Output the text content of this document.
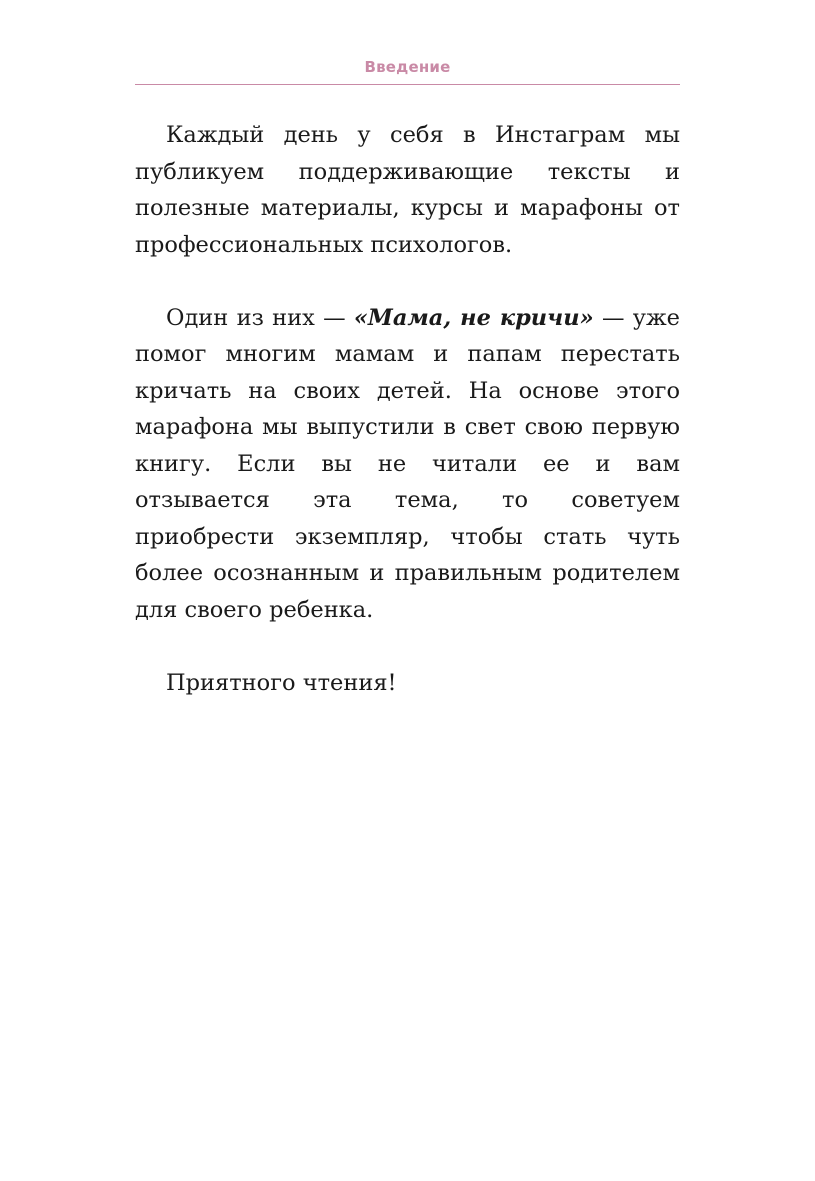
Введение

Каждый день у себя в Инстаграм мы публикуем поддерживающие тексты и полезные материалы, курсы и марафоны от профессиональных психологов.

Один из них — «Мама, не кричи» — уже помог многим мамам и папам перестать кричать на своих детей. На основе этого марафона мы выпустили в свет свою первую книгу. Если вы не читали ее и вам отзывается эта тема, то советуем приобрести экземпляр, чтобы стать чуть более осознанным и правильным родителем для своего ребенка.

Приятного чтения!
